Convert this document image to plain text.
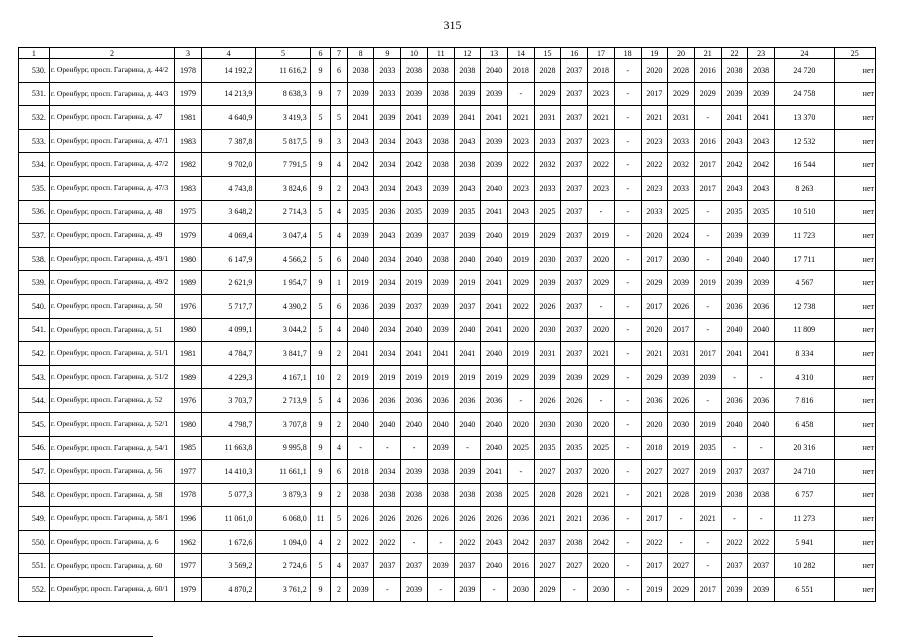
315
1	2	3	4	5	6	7	8	9	10	11	12	13	14	15	16	17	18	19	20	21	22	23	24	25
530.	г. Оренбург, просп. Гагарина, д. 44/2	1978	14 192,2	11 616,2	9	6	2038	2033	2038	2038	2038	2040	2018	2028	2037	2018	-	2020	2028	2016	2038	2038	24 720	нет
531.	г. Оренбург, просп. Гагарина, д. 44/3	1979	14 213,9	8 638,3	9	7	2039	2033	2039	2038	2039	2039	-	2029	2037	2023	-	2017	2029	2029	2039	2039	24 758	нет
532.	г. Оренбург, просп. Гагарина, д. 47	1981	4 640,9	3 419,3	5	5	2041	2039	2041	2039	2041	2041	2021	2031	2037	2021	-	2021	2031	-	2041	2041	13 370	нет
533.	г. Оренбург, просп. Гагарина, д. 47/1	1983	7 387,8	5 817,5	9	3	2043	2034	2043	2038	2043	2039	2023	2033	2037	2023	-	2023	2033	2016	2043	2043	12 532	нет
534.	г. Оренбург, просп. Гагарина, д. 47/2	1982	9 702,0	7 791,5	9	4	2042	2034	2042	2038	2038	2039	2022	2032	2037	2022	-	2022	2032	2017	2042	2042	16 544	нет
535.	г. Оренбург, просп. Гагарина, д. 47/3	1983	4 743,8	3 824,6	9	2	2043	2034	2043	2039	2043	2040	2023	2033	2037	2023	-	2023	2033	2017	2043	2043	8 263	нет
536.	г. Оренбург, просп. Гагарина, д. 48	1975	3 648,2	2 714,3	5	4	2035	2036	2035	2039	2035	2041	2043	2025	2037	-	-	2033	2025	-	2035	2035	10 510	нет
537.	г. Оренбург, просп. Гагарина, д. 49	1979	4 069,4	3 047,4	5	4	2039	2043	2039	2037	2039	2040	2019	2029	2037	2019	-	2020	2024	-	2039	2039	11 723	нет
538.	г. Оренбург, просп. Гагарина, д. 49/1	1980	6 147,9	4 566,2	5	6	2040	2034	2040	2038	2040	2040	2019	2030	2037	2020	-	2017	2030	-	2040	2040	17 711	нет
539.	г. Оренбург, просп. Гагарина, д. 49/2	1989	2 621,9	1 954,7	9	1	2019	2034	2019	2039	2019	2041	2029	2039	2037	2029	-	2029	2039	2019	2039	2039	4 567	нет
540.	г. Оренбург, просп. Гагарина, д. 50	1976	5 717,7	4 390,2	5	6	2036	2039	2037	2039	2037	2041	2022	2026	2037	-	-	2017	2026	-	2036	2036	12 738	нет
541.	г. Оренбург, просп. Гагарина, д. 51	1980	4 099,1	3 044,2	5	4	2040	2034	2040	2039	2040	2041	2020	2030	2037	2020	-	2020	2017	-	2040	2040	11 809	нет
542.	г. Оренбург, просп. Гагарина, д. 51/1	1981	4 784,7	3 841,7	9	2	2041	2034	2041	2041	2041	2040	2019	2031	2037	2021	-	2021	2031	2017	2041	2041	8 334	нет
543.	г. Оренбург, просп. Гагарина, д. 51/2	1989	4 229,3	4 167,1	10	2	2019	2019	2019	2019	2019	2019	2029	2039	2039	2029	-	2029	2039	2039	-	-	4 310	нет
544.	г. Оренбург, просп. Гагарина, д. 52	1976	3 703,7	2 713,9	5	4	2036	2036	2036	2036	2036	2036	-	2026	2026	-	-	2036	2026	-	2036	2036	7 816	нет
545.	г. Оренбург, просп. Гагарина, д. 52/1	1980	4 798,7	3 707,8	9	2	2040	2040	2040	2040	2040	2040	2020	2030	2030	2020	-	2020	2030	2019	2040	2040	6 458	нет
546.	г. Оренбург, просп. Гагарина, д. 54/1	1985	11 663,8	9 995,8	9	4	-	-	-	2039	-	2040	2025	2035	2035	2025	-	2018	2019	2035	-	-	20 316	нет
547.	г. Оренбург, просп. Гагарина, д. 56	1977	14 410,3	11 661,1	9	6	2018	2034	2039	2038	2039	2041	-	2027	2037	2020	-	2027	2027	2019	2037	2037	24 710	нет
548.	г. Оренбург, просп. Гагарина, д. 58	1978	5 077,3	3 879,3	9	2	2038	2038	2038	2038	2038	2038	2025	2028	2028	2021	-	2021	2028	2019	2038	2038	6 757	нет
549.	г. Оренбург, просп. Гагарина, д. 58/1	1996	11 061,0	6 068,0	11	5	2026	2026	2026	2026	2026	2026	2036	2021	2021	2036	-	2017	-	2021	-	-	11 273	нет
550.	г. Оренбург, просп. Гагарина, д. 6	1962	1 672,6	1 094,0	4	2	2022	2022	-	-	2022	2043	2042	2037	2038	2042	-	2022	-	-	2022	2022	5 941	нет
551.	г. Оренбург, просп. Гагарина, д. 60	1977	3 569,2	2 724,6	5	4	2037	2037	2037	2039	2037	2040	2016	2027	2027	2020	-	2017	2027	-	2037	2037	10 282	нет
552.	г. Оренбург, просп. Гагарина, д. 60/1	1979	4 870,2	3 761,2	9	2	2039	-	2039	-	2039	-	2030	2029	-	2030	-	2019	2029	2017	2039	2039	6 551	нет
